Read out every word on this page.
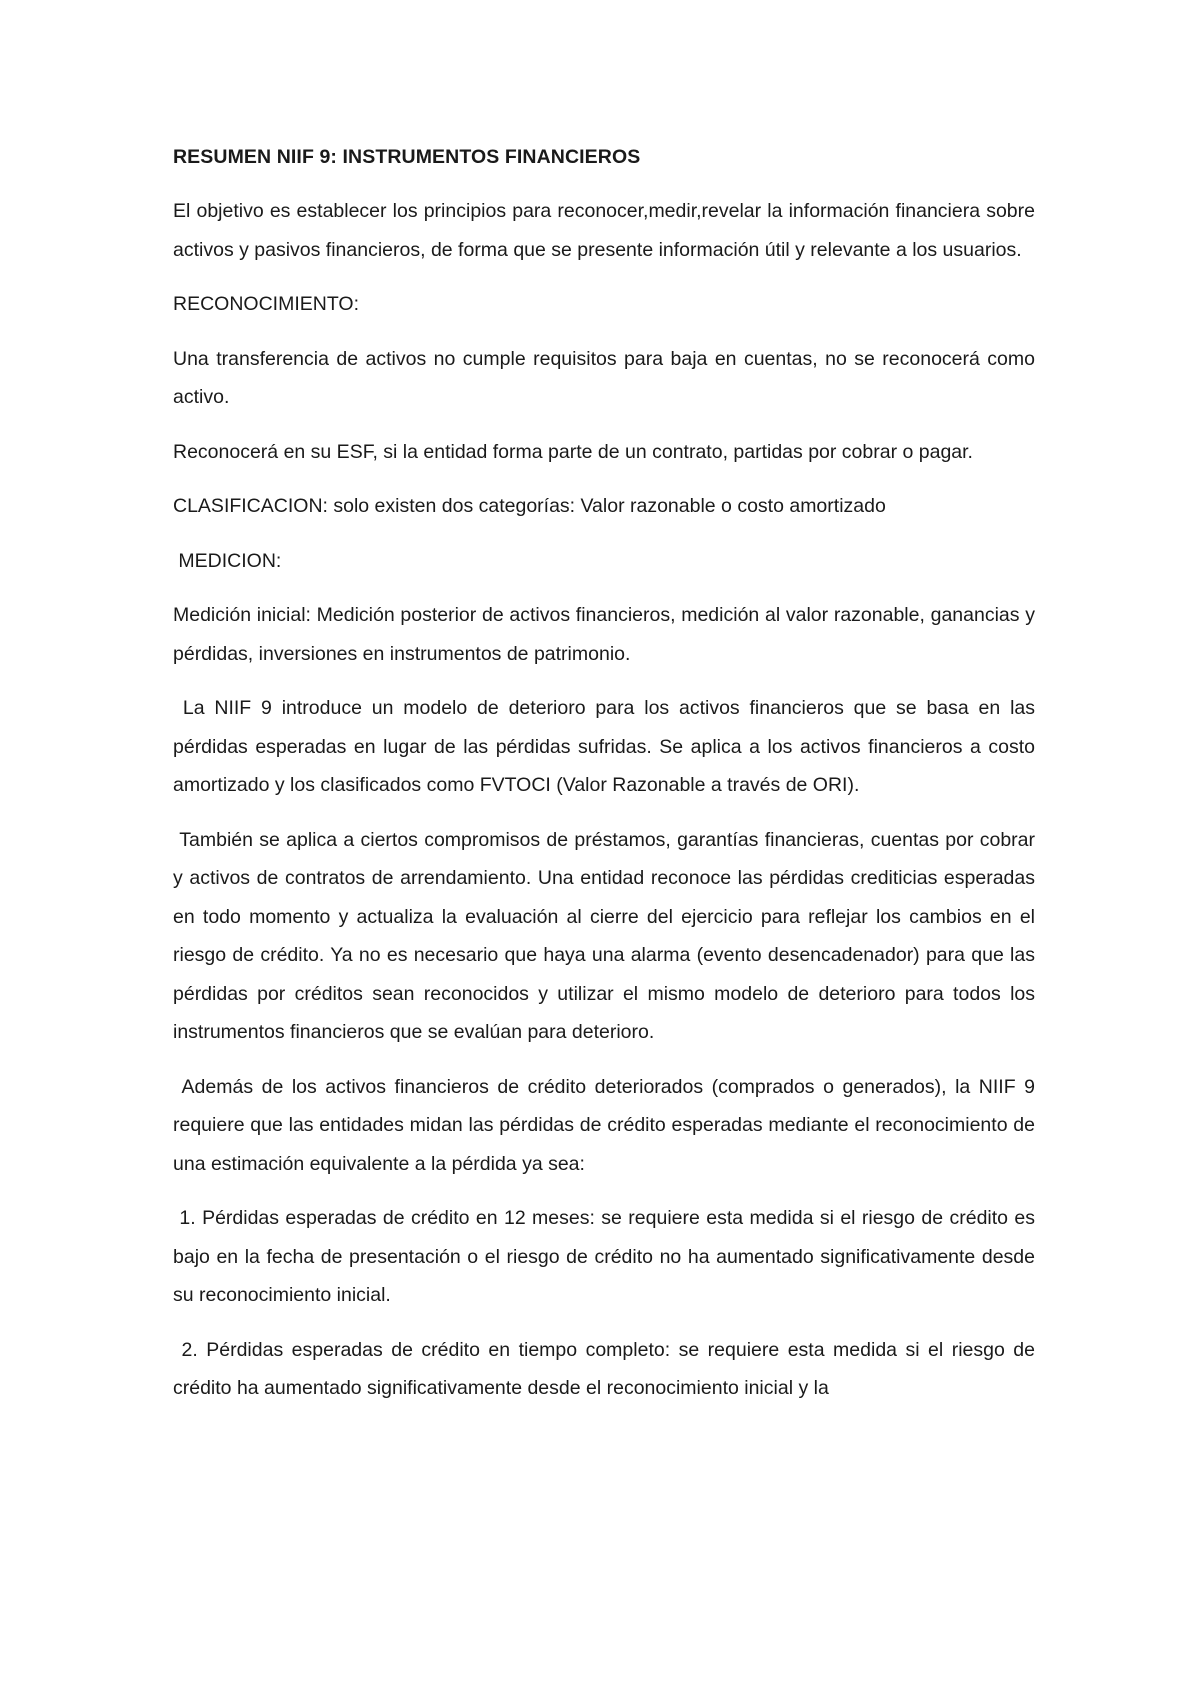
RESUMEN NIIF 9: INSTRUMENTOS FINANCIEROS

El objetivo es establecer los principios para reconocer,medir,revelar la información financiera sobre activos y pasivos financieros, de forma que se presente información útil y relevante a los usuarios.

RECONOCIMIENTO:

Una transferencia de activos no cumple requisitos para baja en cuentas, no se reconocerá como activo.

Reconocerá en su ESF, si la entidad forma parte de un contrato, partidas por cobrar o pagar.

CLASIFICACION: solo existen dos categorías: Valor razonable o costo amortizado

MEDICION:

Medición inicial: Medición posterior de activos financieros, medición al valor razonable, ganancias y pérdidas, inversiones en instrumentos de patrimonio.

La NIIF 9 introduce un modelo de deterioro para los activos financieros que se basa en las pérdidas esperadas en lugar de las pérdidas sufridas. Se aplica a los activos financieros a costo amortizado y los clasificados como FVTOCI (Valor Razonable a través de ORI).

También se aplica a ciertos compromisos de préstamos, garantías financieras, cuentas por cobrar y activos de contratos de arrendamiento. Una entidad reconoce las pérdidas crediticias esperadas en todo momento y actualiza la evaluación al cierre del ejercicio para reflejar los cambios en el riesgo de crédito. Ya no es necesario que haya una alarma (evento desencadenador) para que las pérdidas por créditos sean reconocidos y utilizar el mismo modelo de deterioro para todos los instrumentos financieros que se evalúan para deterioro.

Además de los activos financieros de crédito deteriorados (comprados o generados), la NIIF 9 requiere que las entidades midan las pérdidas de crédito esperadas mediante el reconocimiento de una estimación equivalente a la pérdida ya sea:

1. Pérdidas esperadas de crédito en 12 meses: se requiere esta medida si el riesgo de crédito es bajo en la fecha de presentación o el riesgo de crédito no ha aumentado significativamente desde su reconocimiento inicial.

2. Pérdidas esperadas de crédito en tiempo completo: se requiere esta medida si el riesgo de crédito ha aumentado significativamente desde el reconocimiento inicial y la
